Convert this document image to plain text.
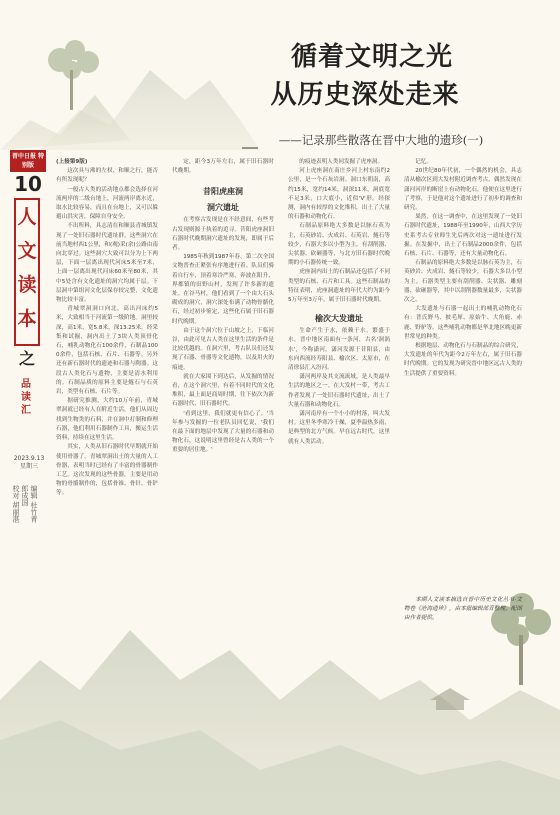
晋中日报 特别版
10
人
文
读
本
之
品读汇
2023.9.13
星期三
编辑 杜竹青
郎成国
校对 胡丽湛
循着文明之光
从历史深处走来
——记录那些散落在晋中大地的遗珍(一)

(上接第9版)

这次具与沸的左权、和顺之行，能否有所发现呢？

一般古人类的活动地点都会选择在河流两岸的二级台地上，河流两岸离水近，取水比较容易，而且在台地上，又可以躲避山洪灾害，保障自身安全。

不出所料，具志清在和顺县青城镇发现了一处旧石器时代遗址群。这些洞穴在前当地村西1公里，和(观)采(余)公路由南向北穿过。这些洞穴大致可以分为上下两层，下面一层离出现代河床5米至7米，上面一层离出现代河床60米至80米，其中5处含有文化遗址的洞穴均属于层。下层洞中第组河文化层保存较完整，文化遗物比较丰富。

青城翠洞洞口向北，高出河床约5米，大致相当于河流第一级阶地。洞里较深，高1米，宽5.8米，深13.25米。经采集和试掘，洞内出土了3块人类顶骨化石，哺乳动物化石100余件，石制品1000余件，包括石核、石片、石器等。另外还有新石器时代的遗迹和石器与陶器。这段古人类化石与遗物，主要是清水利用的。石制品质的原料主要是燧石与石英岩，类型有石核、石片等。

据研究推测，大约10万年前，青城翠洞就已经有人在附近生活，他们从周边找到生物类的石料，并在洞中打制和修理石器，他们利用石器制作工具，搬运生活资料，持续在这里生活。

其实，人类从旧石器时代早期就开始使用骨器了。青城翠洞出土的大量的人工骨器，表明当时已经有了丰富的骨器制作工艺。这次发现的这些骨器，主要是用动物的骨骼制作的，包括骨锥、骨针、骨铲等。

定，距今3万年左右，属于旧石器时代晚期。

昔阳虎座洞

洞穴遗址

在考察古发现是在不经意间，有些考古发现则源于执着的追寻。昔阳虎座洞旧石器时代晚期洞穴遗址的发现，即属于后者。

1985年秋到1987年春，第二次全国文物普查正紧张有序地进行着。队员们骑着自行车，顶着寒冷严寒，奔波在阳升、界都镇的田野山村，发现了许多新的遗址。在谷马村，他们看到了一个由大石头砌成的洞穴，洞穴深处布满了动物骨骼化石，经过初步鉴定，这些化石属于旧石器时代晚期。

由于这个洞穴位于山坡之上，下临河谷，由此可见古人类在这里生活的条件是比较优越的。在洞穴里，考古队员们还发现了石器、骨器等文化遗物，以及用火的痕迹。

就在大家围下到达后，从发掘的情况看，在这个洞穴里，有着不同时代的文化堆积，最上面是商周时期，往下依次为新石器时代、旧石器时代。

'看到这里，我们就更有信心了。'当年参与发掘的一位老队员回忆说，'我们在最下面的地层中发现了大量的石器和动物化石，这说明这里曾经是古人类的一个重要的居住地。'

的痕迹表明人类同发掘了虎座洞。

河上虎座洞在南庄乡河上村东南约2公里，是一个石灰岩洞。洞口东朝南，高约15米，宽约14米，洞深11米，洞底宽不足3米，口大底小，近似'V'形。经探测，洞内有较厚的文化堆积，出土了大量的石器和动物化石。

石制品原料绝大多数是以脉石英为主，石英砂岩、火成岩、石英岩、燧石等较少，石器大多以小型为主，有刮削器、尖状器、砍砸器等，与北方旧石器时代晚期的小石器传统一致。

虎座洞内出土的石制品还包括了不同类型的石核、石片和工具。这些石制品的特征表明，虎座洞遗址的年代大约为距今5万年至3万年，属于旧石器时代晚期。

榆次大发遗址

生命产生于水，依赖于水，繁盛于水。晋中地区南面有一条河，古名'洞涡水'，今称潇河。潇河发源于昔阳县，由东向西流经寿阳县、榆次区、太原市，在清徐县汇入汾河。

潇河两岸及其支流流域，是人类最早生活的地区之一。在大发村一带，考古工作者发现了一处旧石器时代遗址，出土了大量石器和动物化石。

潇河南岸有一个小小的村落，叫大发村。这里冬季寒冷干燥，夏季温热多雨，是典型的北方气候。早在远古时代，这里就有人类活动。

记忆。

20世纪80年代初，一个偶然的机会，具志清从榆次区到大发村附近调查考古，偶然发现在潇河河岸的断崖上有动物化石，他便在这里进行了考察，于是他对这个遗址进行了初步的调查和研究。

果然，在这一调查中，在这里发现了一处旧石器时代遗址，1988年至1990年，山西大学历史系考古专业师生先后两次对这一遗址进行发掘。在发掘中，出土了石制品2000余件，包括石核、石片、石器等，还有大量动物化石。

石制品的原料绝大多数是以脉石英为主，石英砂岩、火成岩、燧石等较少，石器大多以小型为主。石器类型主要有刮削器、尖状器、雕刻器、砍砸器等，其中以刮削器数量最多，尖状器次之。

大发遗址与石器一起出土的哺乳动物化石有：普氏野马、披毛犀、原始牛、大角鹿、赤鹿、野驴等。这些哺乳动物都是华北地区晚更新世常见的种类。

根据地层、动物化石与石制品的综合研究，大发遗址的年代为距今2万年左右，属于旧石器时代晚期。它的发现为研究晋中地区远古人类的生活提供了重要资料。

本期人文读本摘选自晋中历史文化丛书·文物卷《沧海遗珍》，由本报编辑部青整理，配图由作者提供。
